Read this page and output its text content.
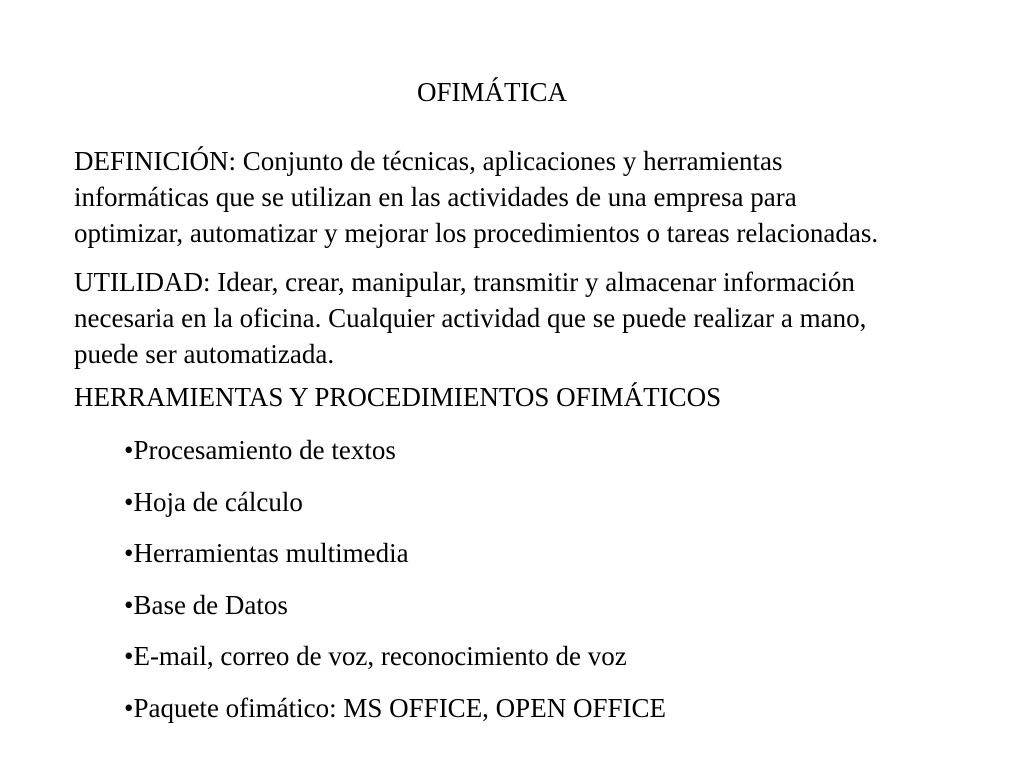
OFIMÁTICA
DEFINICIÓN: Conjunto de técnicas, aplicaciones y herramientas
informáticas que se utilizan en las actividades de una empresa para
optimizar, automatizar y mejorar los procedimientos o tareas relacionadas.
UTILIDAD: Idear, crear, manipular, transmitir y almacenar información
necesaria en la oficina. Cualquier actividad que se puede realizar a mano,
puede ser automatizada.
HERRAMIENTAS Y PROCEDIMIENTOS OFIMÁTICOS
•Procesamiento de textos
•Hoja de cálculo
•Herramientas multimedia
•Base de Datos
•E-mail, correo de voz, reconocimiento de voz
•Paquete ofimático: MS OFFICE, OPEN OFFICE
